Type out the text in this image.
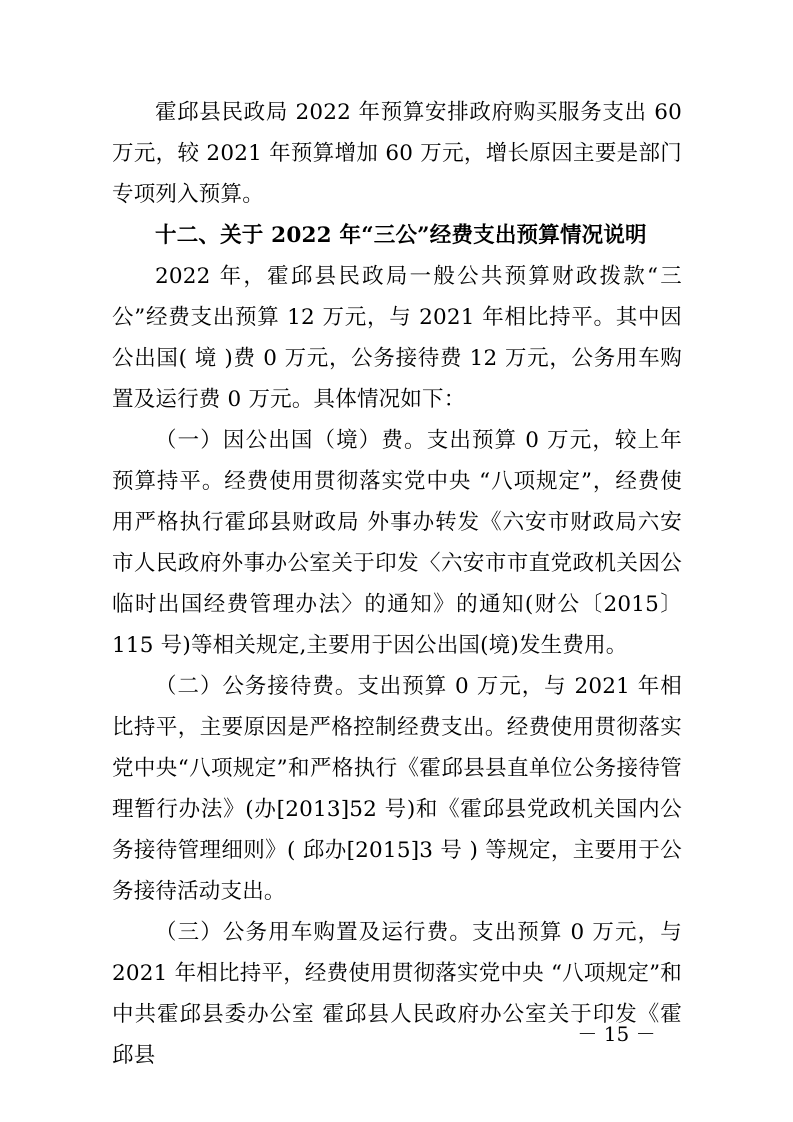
霍邱县民政局 2022 年预算安排政府购买服务支出 60 万元，较 2021 年预算增加 60 万元，增长原因主要是部门专项列入预算。

十二、关于 2022 年“三公”经费支出预算情况说明

2022 年，霍邱县民政局一般公共预算财政拨款“三公”经费支出预算 12 万元，与 2021 年相比持平。其中因公出国( 境 )费 0 万元，公务接待费 12 万元，公务用车购置及运行费 0 万元。具体情况如下：

（一）因公出国（境）费。支出预算 0 万元，较上年预算持平。经费使用贯彻落实党中央 “八项规定”，经费使用严格执行霍邱县财政局 外事办转发《六安市财政局六安市人民政府外事办公室关于印发〈六安市市直党政机关因公临时出国经费管理办法〉的通知》的通知(财公〔2015〕115 号)等相关规定,主要用于因公出国(境)发生费用。

（二）公务接待费。支出预算 0 万元，与 2021 年相比持平，主要原因是严格控制经费支出。经费使用贯彻落实党中央“八项规定”和严格执行《霍邱县县直单位公务接待管理暂行办法》(办[2013]52 号)和《霍邱县党政机关国内公务接待管理细则》( 邱办[2015]3 号 ) 等规定，主要用于公务接待活动支出。

（三）公务用车购置及运行费。支出预算 0 万元，与 2021 年相比持平，经费使用贯彻落实党中央 “八项规定”和中共霍邱县委办公室 霍邱县人民政府办公室关于印发《霍邱县

－ 15 －
